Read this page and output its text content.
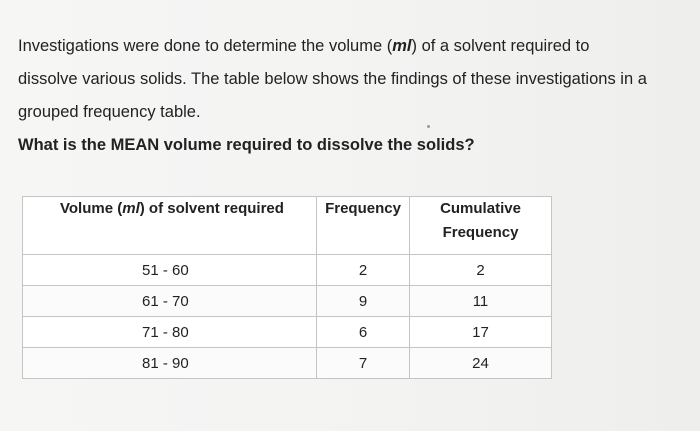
Investigations were done to determine the volume (ml) of a solvent required to

dissolve various solids. The table below shows the findings of these investigations in a

grouped frequency table.

What is the MEAN volume required to dissolve the solids?

Volume (ml) of solvent required	Frequency	Cumulative
Frequency
51 - 60	2	2
61 - 70	9	11
71 - 80	6	17
81 - 90	7	24
